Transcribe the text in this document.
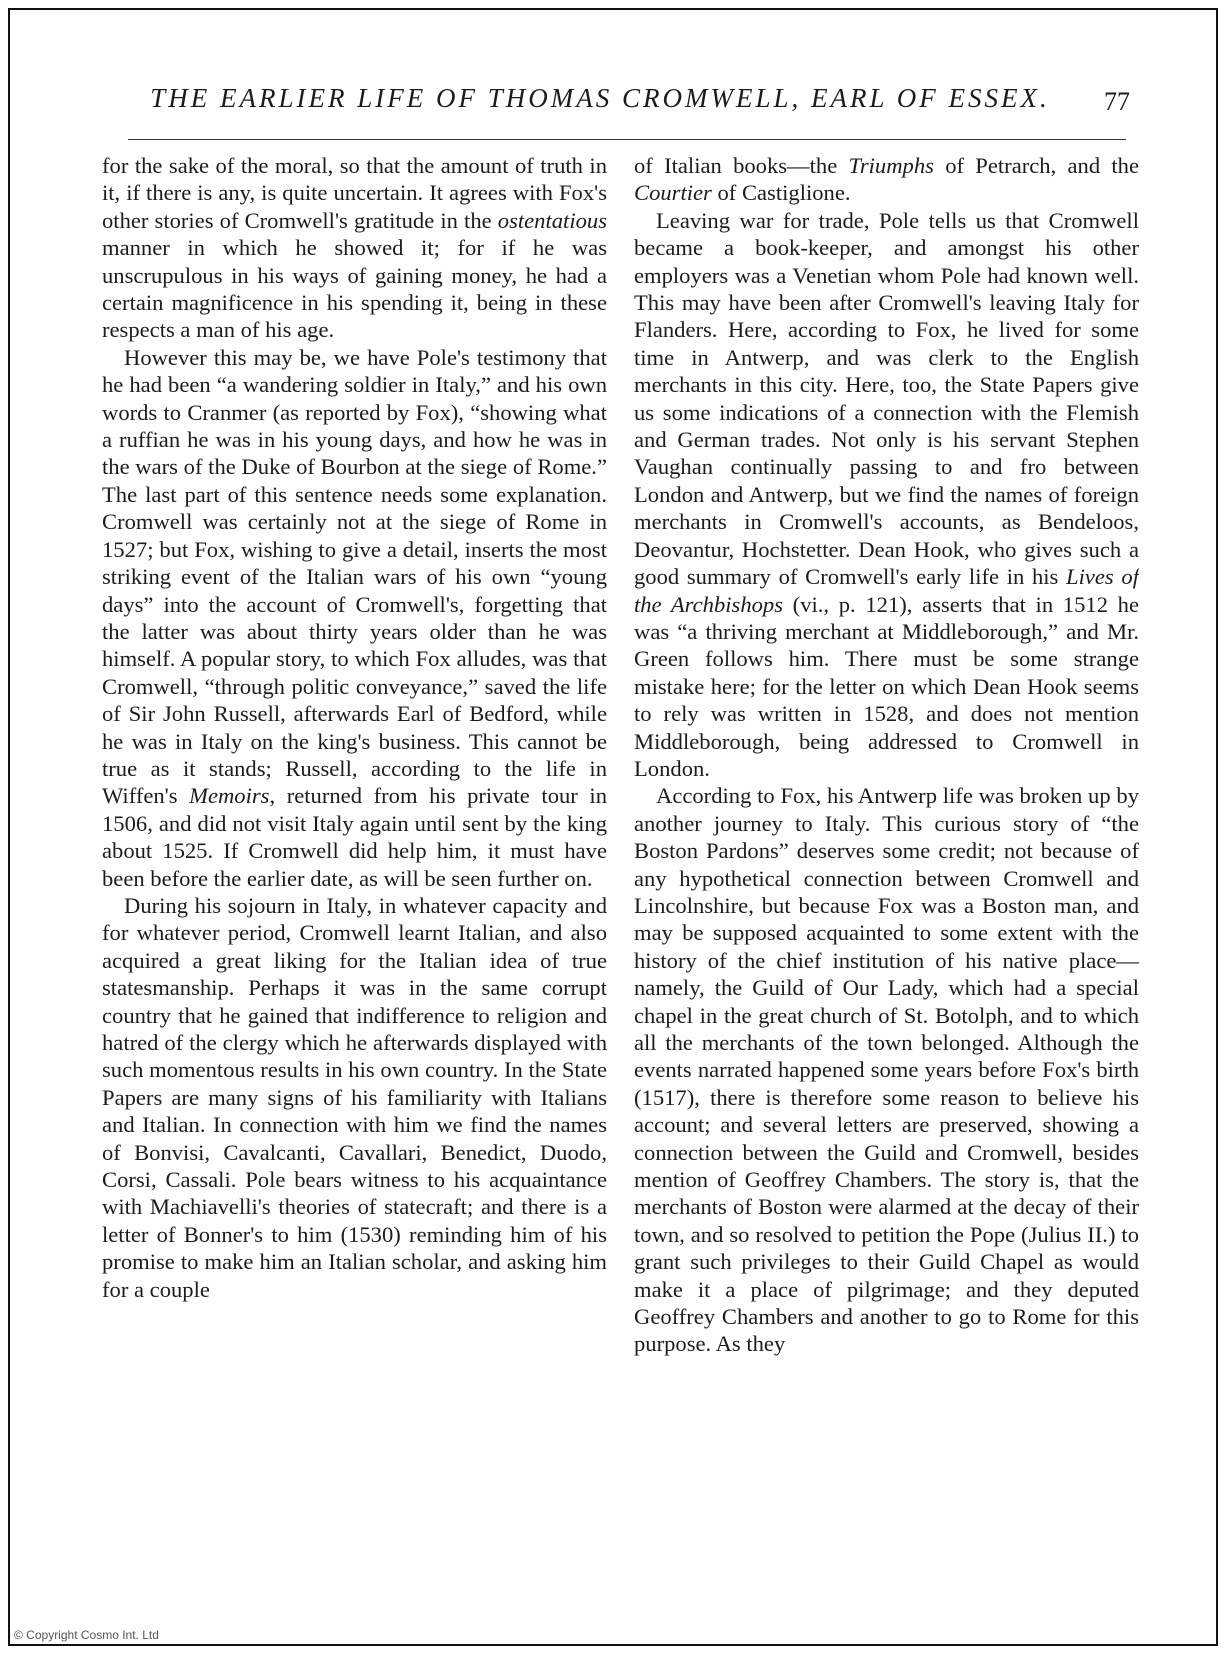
THE EARLIER LIFE OF THOMAS CROMWELL, EARL OF ESSEX.	77

for the sake of the moral, so that the amount of truth in it, if there is any, is quite uncertain. It agrees with Fox's other stories of Cromwell's gratitude in the ostentatious manner in which he showed it; for if he was unscrupulous in his ways of gaining money, he had a certain magnificence in his spending it, being in these respects a man of his age.

However this may be, we have Pole's testimony that he had been “a wandering soldier in Italy,” and his own words to Cranmer (as reported by Fox), “showing what a ruffian he was in his young days, and how he was in the wars of the Duke of Bourbon at the siege of Rome.” The last part of this sentence needs some explanation. Cromwell was certainly not at the siege of Rome in 1527; but Fox, wishing to give a detail, inserts the most striking event of the Italian wars of his own “young days” into the account of Cromwell's, forgetting that the latter was about thirty years older than he was himself. A popular story, to which Fox alludes, was that Cromwell, “through politic conveyance,” saved the life of Sir John Russell, afterwards Earl of Bedford, while he was in Italy on the king's business. This cannot be true as it stands; Russell, according to the life in Wiffen's Memoirs, returned from his private tour in 1506, and did not visit Italy again until sent by the king about 1525. If Cromwell did help him, it must have been before the earlier date, as will be seen further on.

During his sojourn in Italy, in whatever capacity and for whatever period, Cromwell learnt Italian, and also acquired a great liking for the Italian idea of true statesmanship. Perhaps it was in the same corrupt country that he gained that indifference to religion and hatred of the clergy which he afterwards displayed with such momentous results in his own country. In the State Papers are many signs of his familiarity with Italians and Italian. In connection with him we find the names of Bonvisi, Cavalcanti, Cavallari, Benedict, Duodo, Corsi, Cassali. Pole bears witness to his acquaintance with Machiavelli's theories of statecraft; and there is a letter of Bonner's to him (1530) reminding him of his promise to make him an Italian scholar, and asking him for a couple

of Italian books—the Triumphs of Petrarch, and the Courtier of Castiglione.

Leaving war for trade, Pole tells us that Cromwell became a book-keeper, and amongst his other employers was a Venetian whom Pole had known well. This may have been after Cromwell's leaving Italy for Flanders. Here, according to Fox, he lived for some time in Antwerp, and was clerk to the English merchants in this city. Here, too, the State Papers give us some indications of a connection with the Flemish and German trades. Not only is his servant Stephen Vaughan continually passing to and fro between London and Antwerp, but we find the names of foreign merchants in Cromwell's accounts, as Bendeloos, Deovantur, Hochstetter. Dean Hook, who gives such a good summary of Cromwell's early life in his Lives of the Archbishops (vi., p. 121), asserts that in 1512 he was “a thriving merchant at Middleborough,” and Mr. Green follows him. There must be some strange mistake here; for the letter on which Dean Hook seems to rely was written in 1528, and does not mention Middleborough, being addressed to Cromwell in London.

According to Fox, his Antwerp life was broken up by another journey to Italy. This curious story of “the Boston Pardons” deserves some credit; not because of any hypothetical connection between Cromwell and Lincolnshire, but because Fox was a Boston man, and may be supposed acquainted to some extent with the history of the chief institution of his native place—namely, the Guild of Our Lady, which had a special chapel in the great church of St. Botolph, and to which all the merchants of the town belonged. Although the events narrated happened some years before Fox's birth (1517), there is therefore some reason to believe his account; and several letters are preserved, showing a connection between the Guild and Cromwell, besides mention of Geoffrey Chambers. The story is, that the merchants of Boston were alarmed at the decay of their town, and so resolved to petition the Pope (Julius II.) to grant such privileges to their Guild Chapel as would make it a place of pilgrimage; and they deputed Geoffrey Chambers and another to go to Rome for this purpose. As they

© Copyright Cosmo Int. Ltd
